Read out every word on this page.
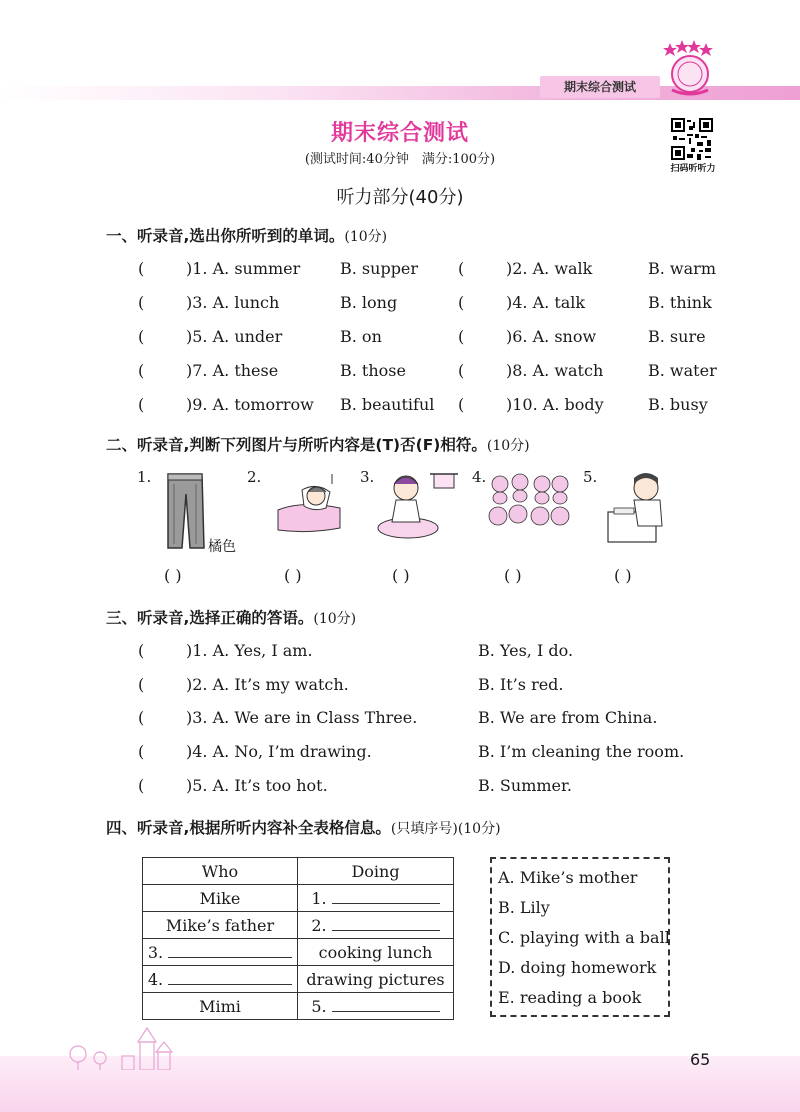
期末综合测试
期末综合测试
(测试时间:40分钟　满分:100分)
扫码听听力
听力部分(40分)
一、听录音,选出你所听到的单词。(10分)
(	)1. A. summer B. supper (	)2. A. walk	B. warm
(	)3. A. lunch	B. long	(	)4. A. talk	B. think
(	)5. A. under	B. on	(	)6. A. snow	B. sure
(	)7. A. these	B. those	(	)8. A. watch	B. water
(	)9. A. tomorrow B. beautiful (	)10. A. body	B. busy
二、听录音,判断下列图片与所听内容是(T)否(F)相符。(10分)
1.	2.	3.	4.	5.
橘色
( )	( )	( )	( )	( )
三、听录音,选择正确的答语。(10分)
(	)1. A. Yes, I am.	B. Yes, I do.
(	)2. A. It’s my watch.	B. It’s red.
(	)3. A. We are in Class Three.	B. We are from China.
(	)4. A. No, I’m drawing.	B. I’m cleaning the room.
(	)5. A. It’s too hot.	B. Summer.
四、听录音,根据所听内容补全表格信息。(只填序号)(10分)
Who	Doing
Mike	1.
Mike’s father	2.
3.	cooking lunch
4.	drawing pictures
Mimi	5.
A. Mike’s mother
B. Lily
C. playing with a ball
D. doing homework
E. reading a book
65
